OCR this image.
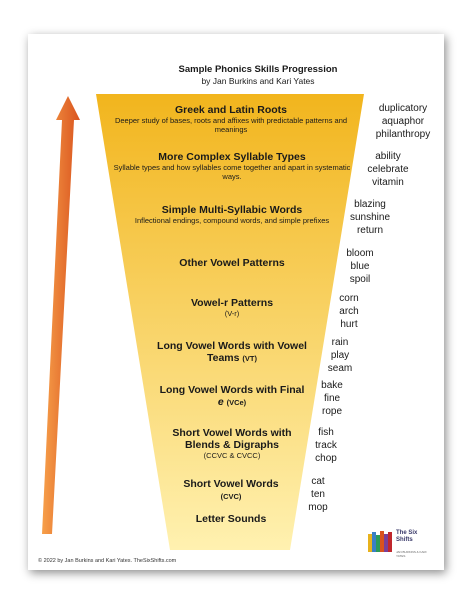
Sample Phonics Skills Progression
by Jan Burkins and Kari Yates
Greek and Latin Roots
Deeper study of bases, roots and affixes with predictable patterns and meanings
duplicatory
aquaphor
philanthropy
More Complex Syllable Types
Syllable types and how syllables come together and apart in systematic ways.
ability
celebrate
vitamin
Simple Multi-Syllabic Words
Inflectional endings, compound words, and simple prefixes
blazing
sunshine
return
Other Vowel Patterns
bloom
blue
spoil
Vowel-r Patterns
(V-r)
corn
arch
hurt
Long Vowel Words with Vowel Teams (VT)
rain
play
seam
Long Vowel Words with Final e (VCe)
bake
fine
rope
Short Vowel Words with Blends & Digraphs
(CCVC & CVCC)
fish
track
chop
Short Vowel Words (CVC)
cat
ten
mop
Letter Sounds
The Six Shifts
JAN BURKINS & KARI YATES
© 2022 by Jan Burkins and Kari Yates. TheSixShifts.com
